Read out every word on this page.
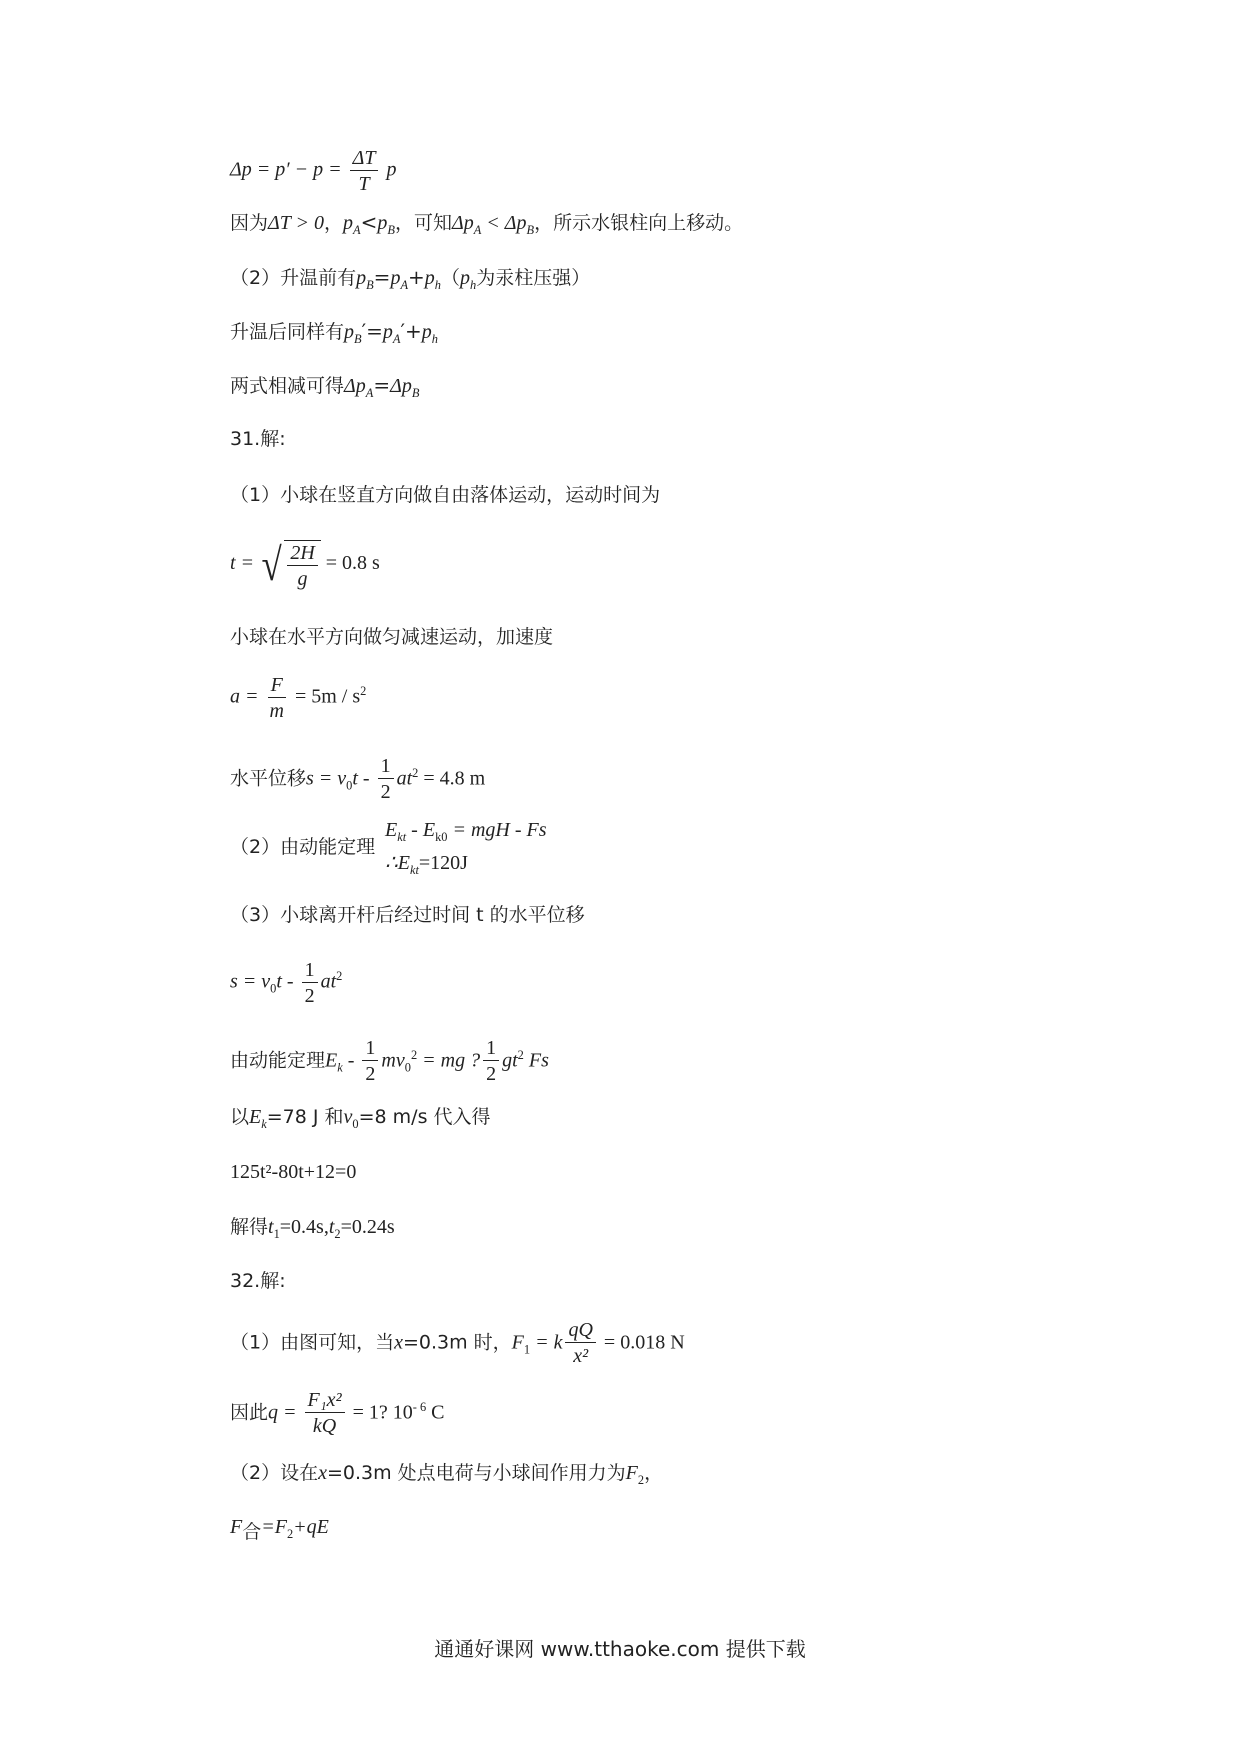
$\Delta p = p' - p = \frac{\Delta T}{T}$ p
因为ΔT > 0，$p_A<p_B$，可知$\Delta p_A < \Delta p_B$，所示水银柱向上移动。
（2）升温前有$p_B=p_A+p_h(p_h$为汞柱压强）
升温后同样有$p_B'=p_A'+p_h$
两式相减可得$\Delta p_A=\Delta p_B$
31.解:
（1）小球在竖直方向做自由落体运动，运动时间为
t = √ $\frac{2H}{g} = 0.8$ s
小球在水平方向做匀减速运动，加速度
$a = \frac{F}{m} = 5m / s^2$
水平位移$s = v_0t - \frac{1}{2} at^2 = 4.8$ m
（2）由动能定理
$E_{kt} - E_{k0}$ = mgH - Fs
$\therefore E_{kt}=120J$
（3）小球离开杆后经过时间 t 的水平位移
$s = v_0t - \frac{1}{2} at^2$
由动能定理$E_k - \frac{1}{2} mv_0^2$ = mg ? $\frac{1}{2} gt^2$ Fs
以$E_k=78$ J 和$v_0=8$ m/s 代入得
125t²-80t+12=0
解得$t_1=0.4s,t_2=0.24s$
32.解:
（1）由图可知，当x=0.3m 时，$F_1 = k \frac{qQ}{\text{x²}} = 0.018$ N
因此$q = \frac{\text{F₁x²}}{kQ} = 1$? $10^{- 6}$ C
（2）设在x=0.3m 处点电荷与小球间作用力为$F_2$，
$F_合=F_2+qE$
通通好课网 www.tthaoke.com 提供下载
